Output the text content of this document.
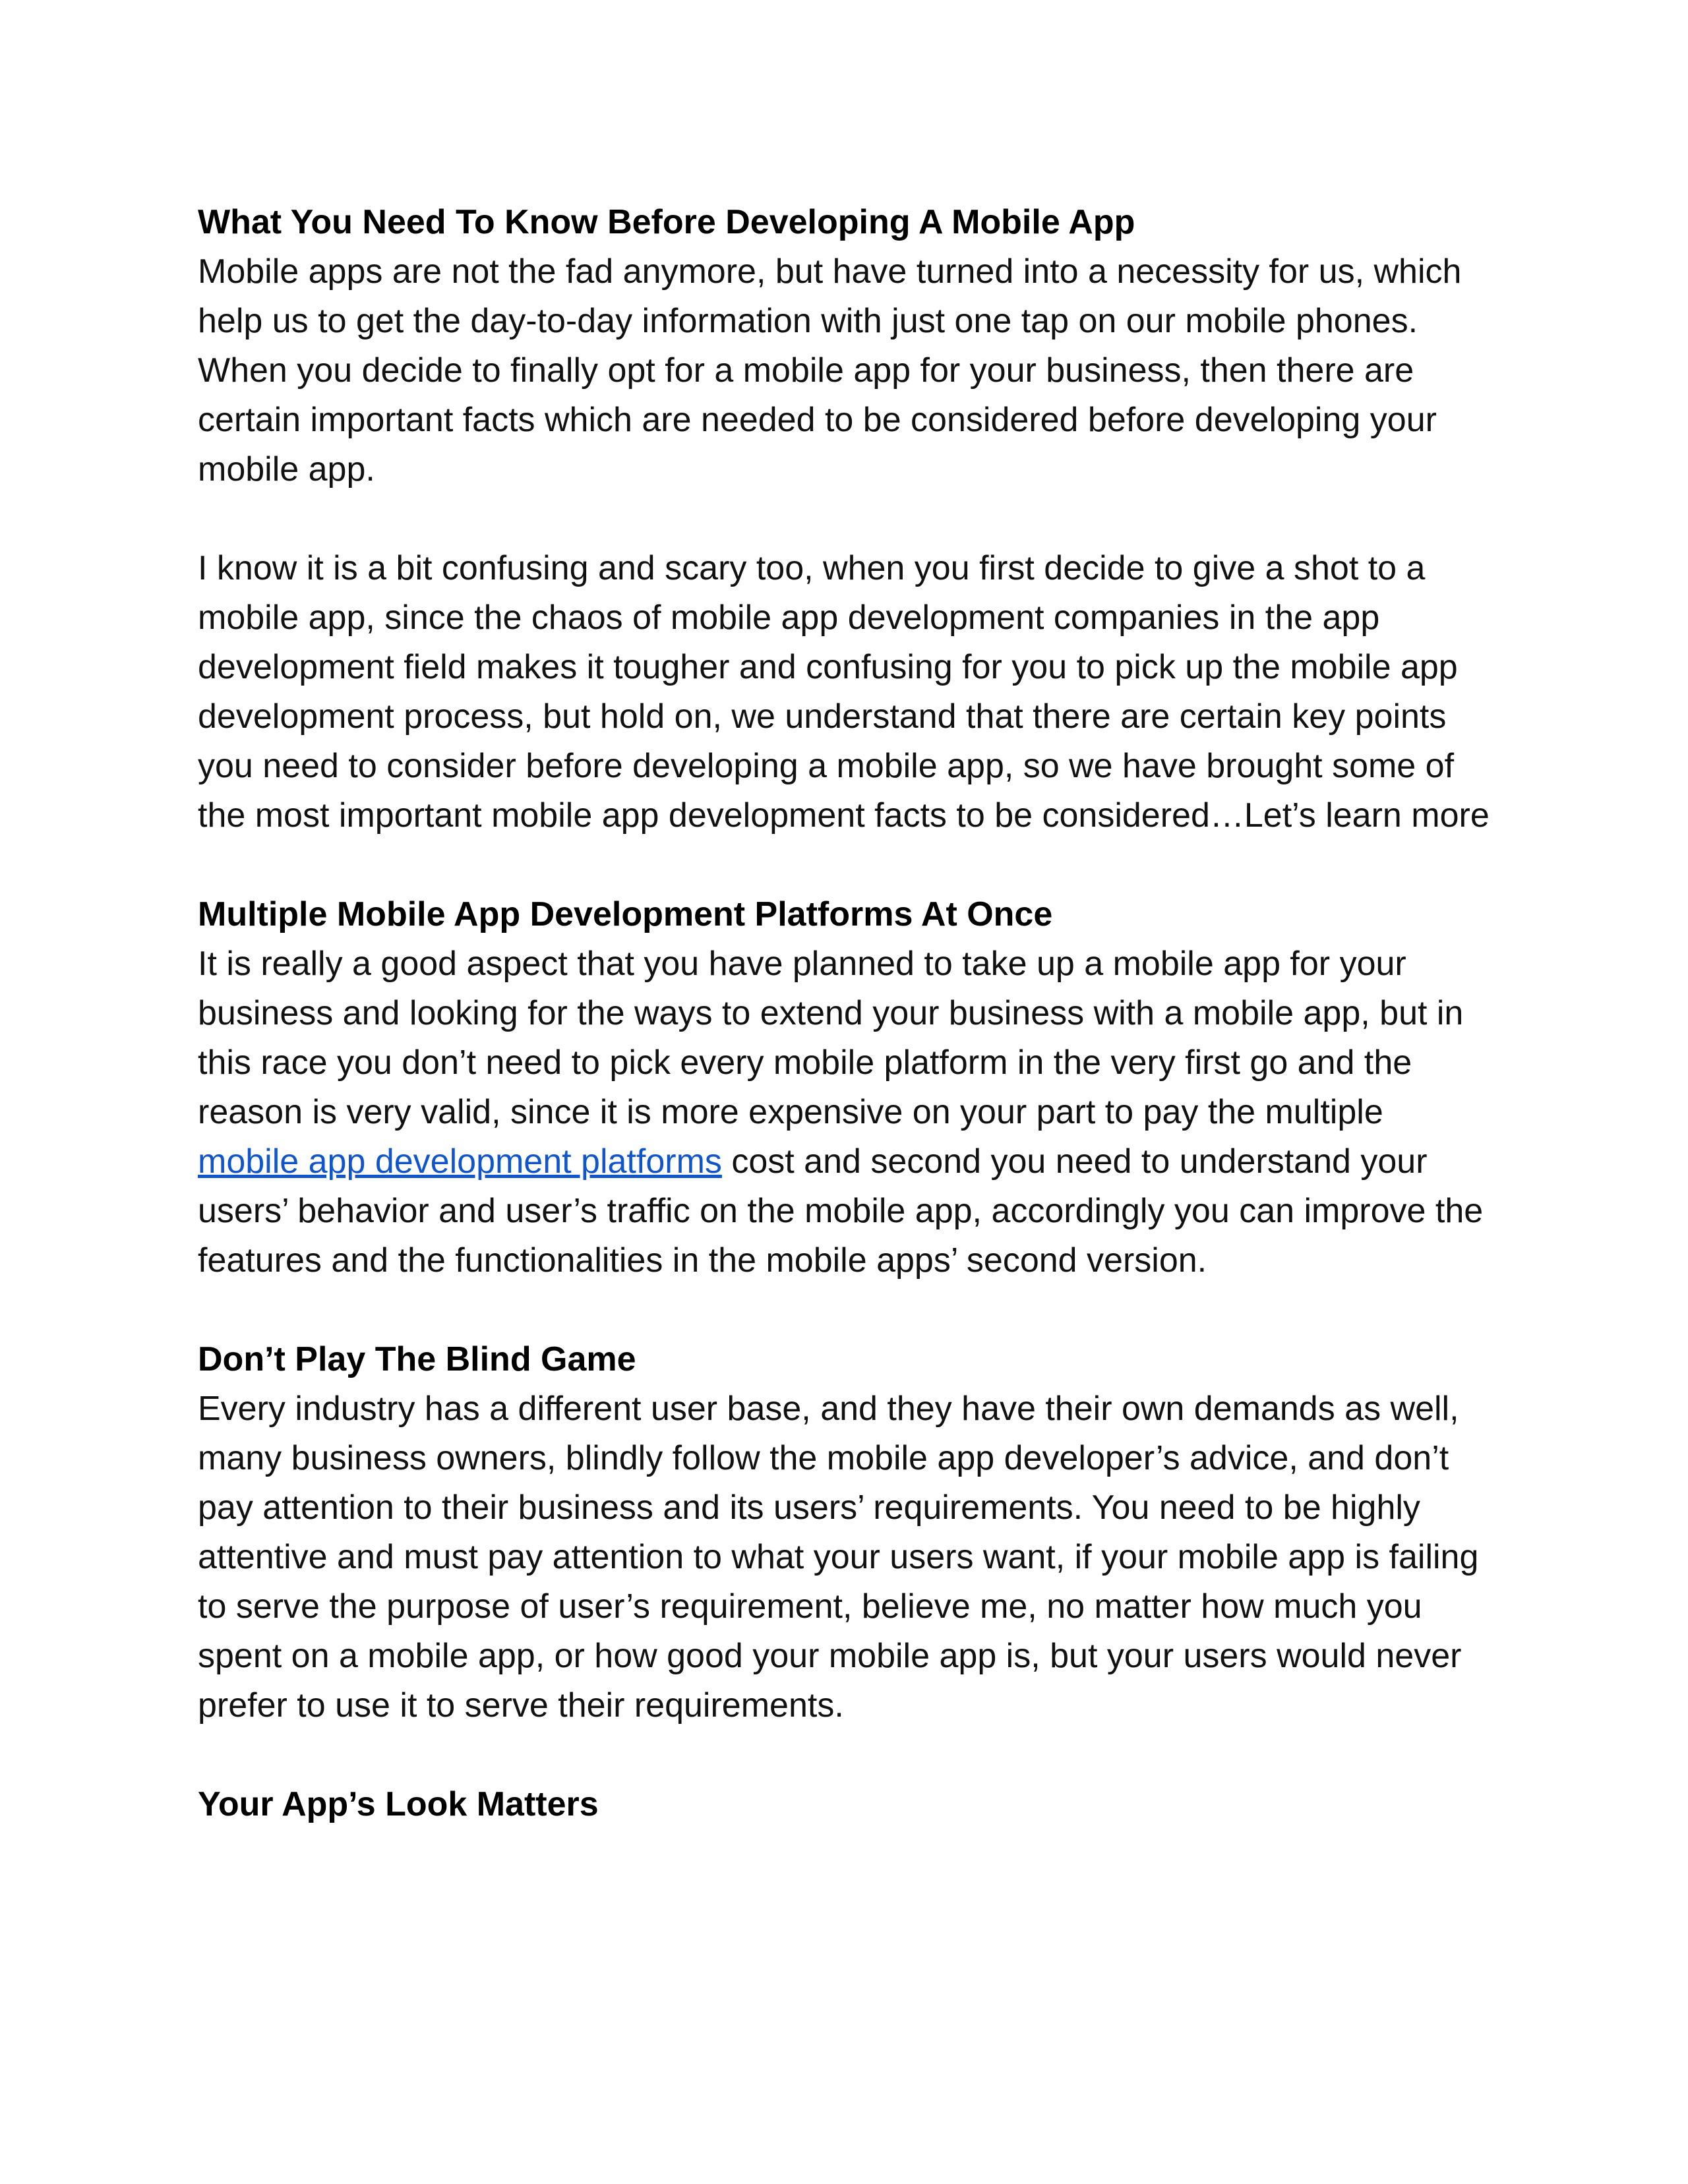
What You Need To Know Before Developing A Mobile App

Mobile apps are not the fad anymore, but have turned into a necessity for us, which help us to get the day-to-day information with just one tap on our mobile phones. When you decide to finally opt for a mobile app for your business, then there are certain important facts which are needed to be considered before developing your mobile app.

I know it is a bit confusing and scary too, when you first decide to give a shot to a mobile app, since the chaos of mobile app development companies in the app development field makes it tougher and confusing for you to pick up the mobile app development process, but hold on, we understand that there are certain key points you need to consider before developing a mobile app, so we have brought some of the most important mobile app development facts to be considered…Let’s learn more

Multiple Mobile App Development Platforms At Once

It is really a good aspect that you have planned to take up a mobile app for your business and looking for the ways to extend your business with a mobile app, but in this race you don’t need to pick every mobile platform in the very first go and the reason is very valid, since it is more expensive on your part to pay the multiple mobile app development platforms cost and second you need to understand your users’ behavior and user’s traffic on the mobile app, accordingly you can improve the features and the functionalities in the mobile apps’ second version.

Don’t Play The Blind Game

Every industry has a different user base, and they have their own demands as well, many business owners, blindly follow the mobile app developer’s advice, and don’t pay attention to their business and its users’ requirements. You need to be highly attentive and must pay attention to what your users want, if your mobile app is failing to serve the purpose of user’s requirement, believe me, no matter how much you spent on a mobile app, or how good your mobile app is, but your users would never prefer to use it to serve their requirements.

Your App’s Look Matters
